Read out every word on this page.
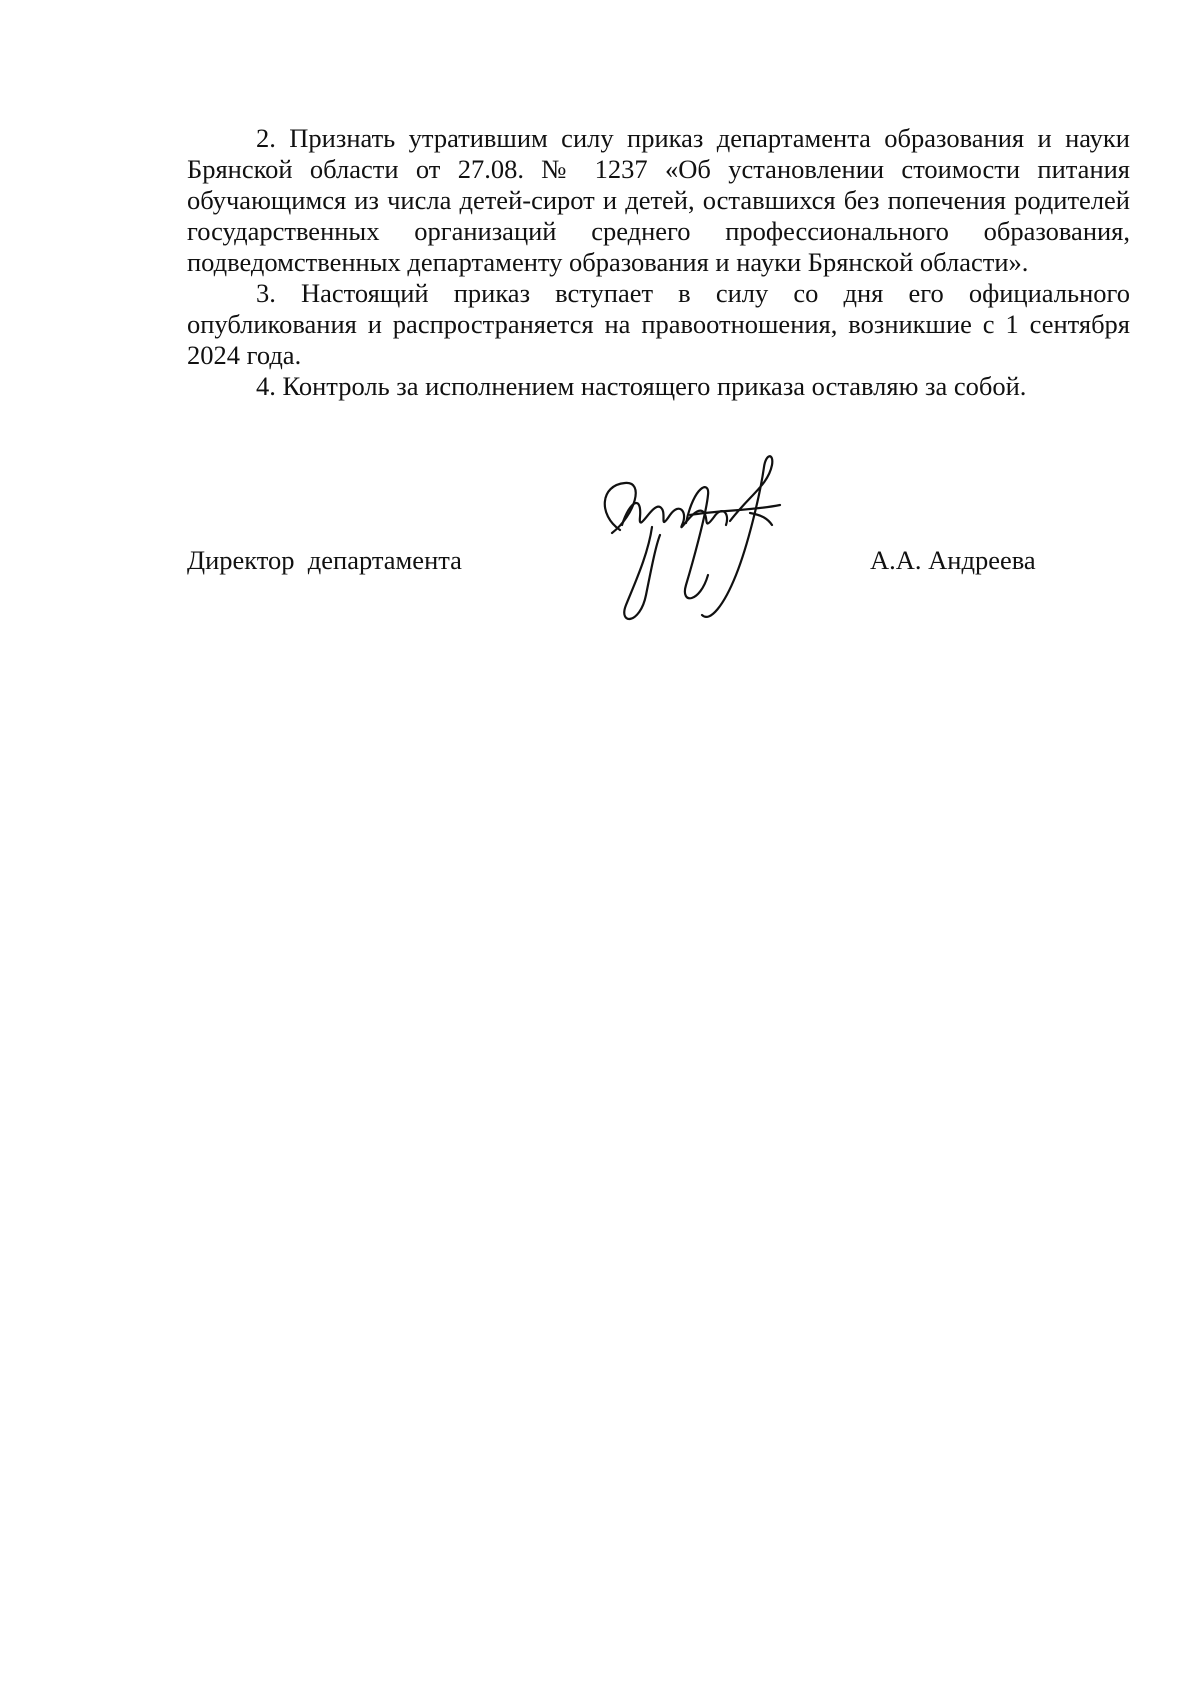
2. Признать утратившим силу приказ департамента образования и науки Брянской области от 27.08. № 1237 «Об установлении стоимости питания обучающимся из числа детей-сирот и детей, оставшихся без попечения родителей государственных организаций среднего профессионального образования, подведомственных департаменту образования и науки Брянской области».

3. Настоящий приказ вступает в силу со дня его официального опубликования и распространяется на правоотношения, возникшие с 1 сентября 2024 года.

4. Контроль за исполнением настоящего приказа оставляю за собой.

Директор  департамента	А.А. Андреева
